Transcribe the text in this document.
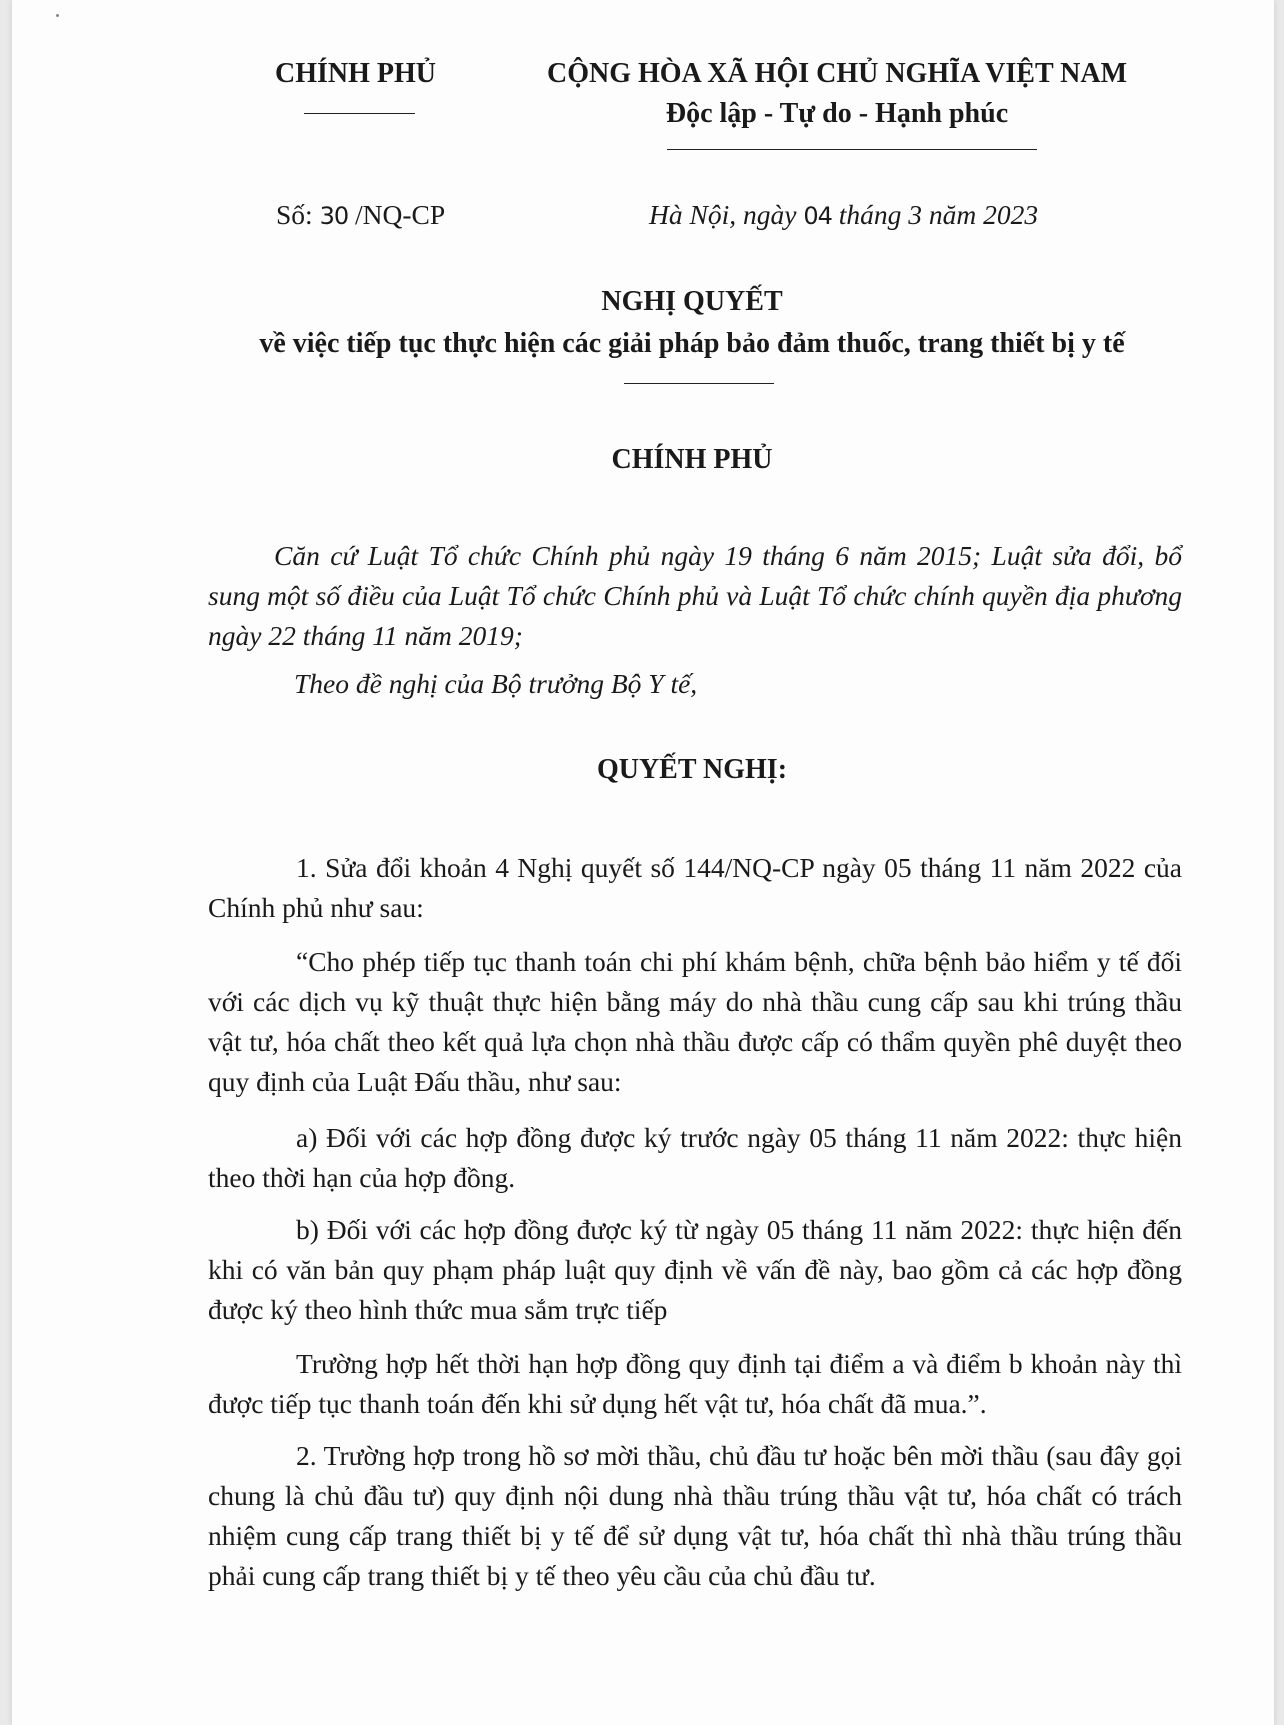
CHÍNH PHỦ	CỘNG HÒA XÃ HỘI CHỦ NGHĨA VIỆT NAM
Độc lập - Tự do - Hạnh phúc
Số: 30 /NQ-CP	Hà Nội, ngày 04 tháng 3 năm 2023
NGHỊ QUYẾT
về việc tiếp tục thực hiện các giải pháp bảo đảm thuốc, trang thiết bị y tế
CHÍNH PHỦ

Căn cứ Luật Tổ chức Chính phủ ngày 19 tháng 6 năm 2015; Luật sửa đổi, bổ sung một số điều của Luật Tổ chức Chính phủ và Luật Tổ chức chính quyền địa phương ngày 22 tháng 11 năm 2019;

Theo đề nghị của Bộ trưởng Bộ Y tế,

QUYẾT NGHỊ:

1. Sửa đổi khoản 4 Nghị quyết số 144/NQ-CP ngày 05 tháng 11 năm 2022 của Chính phủ như sau:

“Cho phép tiếp tục thanh toán chi phí khám bệnh, chữa bệnh bảo hiểm y tế đối với các dịch vụ kỹ thuật thực hiện bằng máy do nhà thầu cung cấp sau khi trúng thầu vật tư, hóa chất theo kết quả lựa chọn nhà thầu được cấp có thẩm quyền phê duyệt theo quy định của Luật Đấu thầu, như sau:

a) Đối với các hợp đồng được ký trước ngày 05 tháng 11 năm 2022: thực hiện theo thời hạn của hợp đồng.

b) Đối với các hợp đồng được ký từ ngày 05 tháng 11 năm 2022: thực hiện đến khi có văn bản quy phạm pháp luật quy định về vấn đề này, bao gồm cả các hợp đồng được ký theo hình thức mua sắm trực tiếp

Trường hợp hết thời hạn hợp đồng quy định tại điểm a và điểm b khoản này thì được tiếp tục thanh toán đến khi sử dụng hết vật tư, hóa chất đã mua.”.

2. Trường hợp trong hồ sơ mời thầu, chủ đầu tư hoặc bên mời thầu (sau đây gọi chung là chủ đầu tư) quy định nội dung nhà thầu trúng thầu vật tư, hóa chất có trách nhiệm cung cấp trang thiết bị y tế để sử dụng vật tư, hóa chất thì nhà thầu trúng thầu phải cung cấp trang thiết bị y tế theo yêu cầu của chủ đầu tư.
